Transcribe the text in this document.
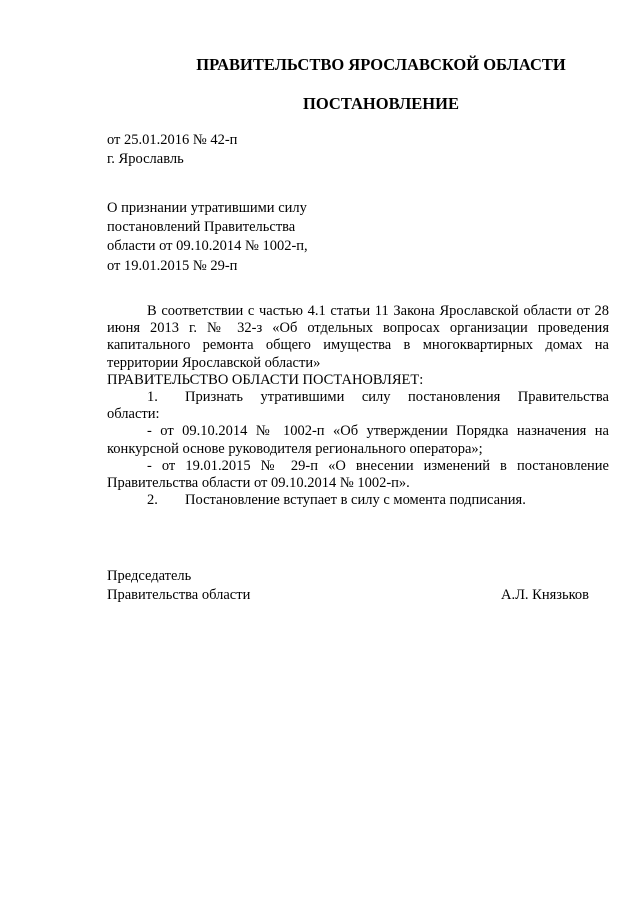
ПРАВИТЕЛЬСТВО ЯРОСЛАВСКОЙ ОБЛАСТИ
ПОСТАНОВЛЕНИЕ
от 25.01.2016 № 42-п
г. Ярославль
О признании утратившими силу
постановлений Правительства
области от 09.10.2014 № 1002-п,
от 19.01.2015 № 29-п

В соответствии с частью 4.1 статьи 11 Закона Ярославской области от 28 июня 2013 г. № 32-з «Об отдельных вопросах организации проведения капитального ремонта общего имущества в многоквартирных домах на территории Ярославской области»

ПРАВИТЕЛЬСТВО ОБЛАСТИ ПОСТАНОВЛЯЕТ:

1. Признать утратившими силу постановления Правительства области:

- от 09.10.2014 № 1002-п «Об утверждении Порядка назначения на конкурсной основе руководителя регионального оператора»;

- от 19.01.2015 № 29-п «О внесении изменений в постановление Правительства области от 09.10.2014 № 1002-п».

2. Постановление вступает в силу с момента подписания.

Председатель
Правительства области	А.Л. Князьков
